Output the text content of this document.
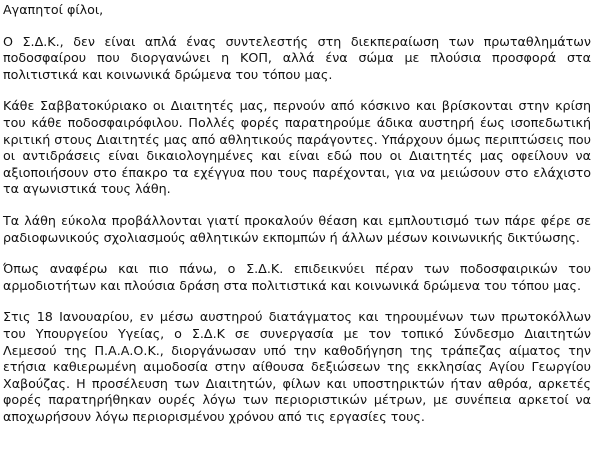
Αγαπητοί φίλοι,
Ο Σ.Δ.Κ., δεν είναι απλά ένας συντελεστής στη διεκπεραίωση των πρωταθλημάτων
ποδοσφαίρου που διοργανώνει η ΚΟΠ, αλλά ένα σώμα με πλούσια προσφορά στα
πολιτιστικά και κοινωνικά δρώμενα του τόπου μας.
Κάθε Σαββατοκύριακο οι Διαιτητές μας, περνούν από κόσκινο και βρίσκονται στην κρίση
του κάθε ποδοσφαιρόφιλου. Πολλές φορές παρατηρούμε άδικα αυστηρή έως ισοπεδωτική
κριτική στους Διαιτητές μας από αθλητικούς παράγοντες. Υπάρχουν όμως περιπτώσεις που
οι αντιδράσεις είναι δικαιολογημένες και είναι εδώ που οι Διαιτητές μας οφείλουν να
αξιοποιήσουν στο έπακρο τα εχέγγυα που τους παρέχονται, για να μειώσουν στο ελάχιστο
τα αγωνιστικά τους λάθη.
Τα λάθη εύκολα προβάλλονται γιατί προκαλούν θέαση και εμπλουτισμό των πάρε φέρε σε
ραδιοφωνικούς σχολιασμούς αθλητικών εκπομπών ή άλλων μέσων κοινωνικής δικτύωσης.
Όπως αναφέρω και πιο πάνω, ο Σ.Δ.Κ. επιδεικνύει πέραν των ποδοσφαιρικών του
αρμοδιοτήτων και πλούσια δράση στα πολιτιστικά και κοινωνικά δρώμενα του τόπου μας.
Στις 18 Ιανουαρίου, εν μέσω αυστηρού διατάγματος και τηρουμένων των πρωτοκόλλων
του Υπουργείου Υγείας, ο Σ.Δ.Κ σε συνεργασία με τον τοπικό Σύνδεσμο Διαιτητών
Λεμεσού της Π.Α.Α.Ο.Κ., διοργάνωσαν υπό την καθοδήγηση της τράπεζας αίματος την
ετήσια καθιερωμένη αιμοδοσία στην αίθουσα δεξιώσεων της εκκλησίας Αγίου Γεωργίου
Χαβούζας. Η προσέλευση των Διαιτητών, φίλων και υποστηρικτών ήταν αθρόα, αρκετές
φορές παρατηρήθηκαν ουρές λόγω των περιοριστικών μέτρων, με συνέπεια αρκετοί να
αποχωρήσουν λόγω περιορισμένου χρόνου από τις εργασίες τους.
